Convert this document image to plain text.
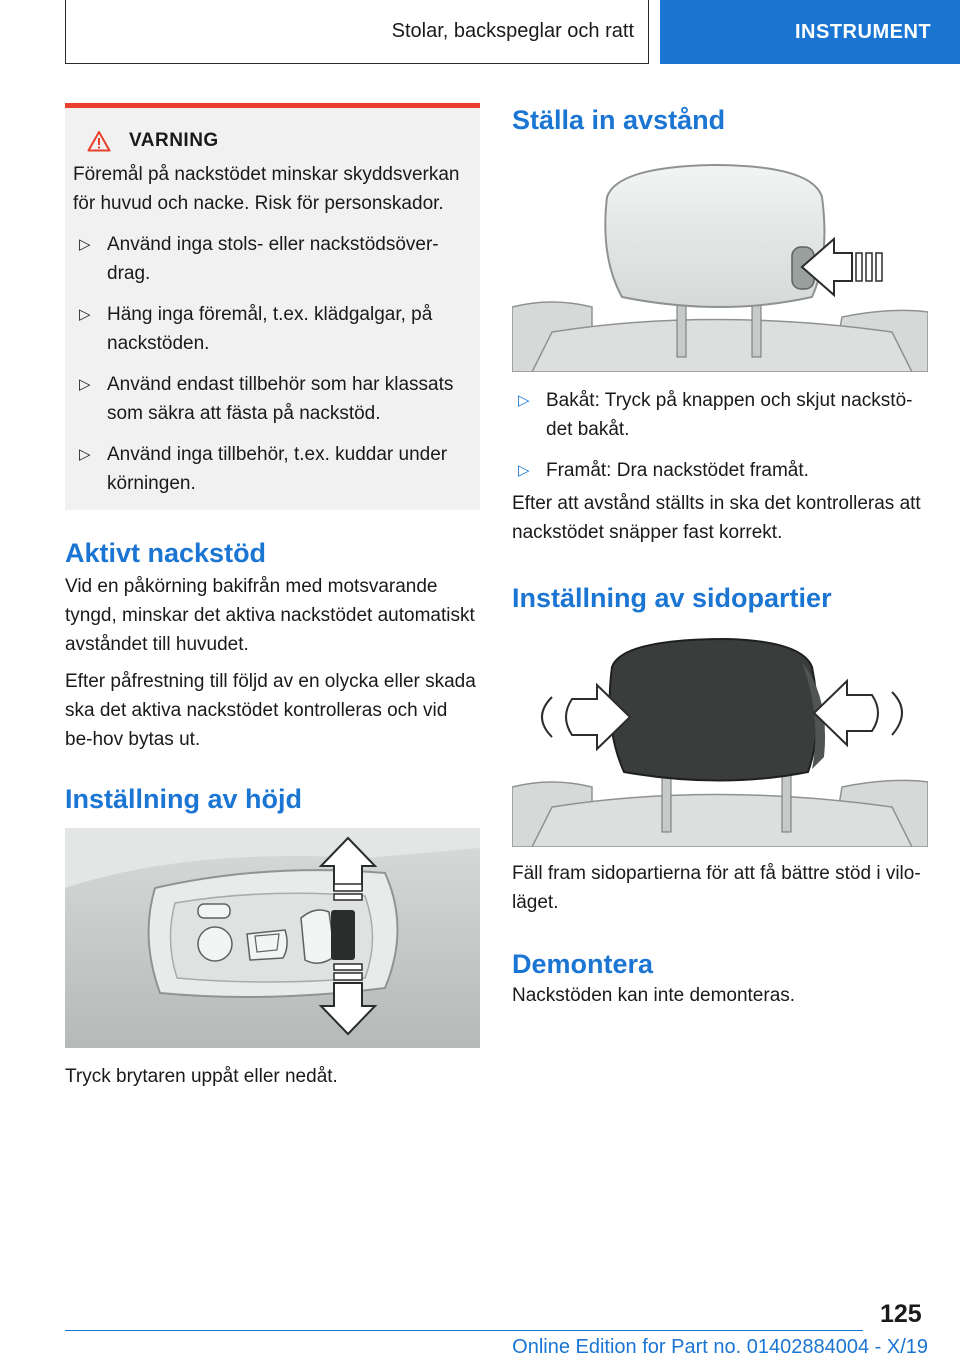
Stolar, backspeglar och ratt	INSTRUMENT
VARNING
Föremål på nackstödet minskar skyddsverkan för huvud och nacke. Risk för personskador.
▷ Använd inga stols- eller nackstödsöver-drag.
▷ Häng inga föremål, t.ex. klädgalgar, på nackstöden.
▷ Använd endast tillbehör som har klassats som säkra att fästa på nackstöd.
▷ Använd inga tillbehör, t.ex. kuddar under körningen.
Aktivt nackstöd
Vid en påkörning bakifrån med motsvarande tyngd, minskar det aktiva nackstödet automatiskt avståndet till huvudet.
Efter påfrestning till följd av en olycka eller skada ska det aktiva nackstödet kontrolleras och vid be-hov bytas ut.
Inställning av höjd
Tryck brytaren uppåt eller nedåt.
Ställa in avstånd
▷ Bakåt: Tryck på knappen och skjut nackstö-det bakåt.
▷ Framåt: Dra nackstödet framåt.
Efter att avstånd ställts in ska det kontrolleras att nackstödet snäpper fast korrekt.
Inställning av sidopartier
Fäll fram sidopartierna för att få bättre stöd i vilo-läget.
Demontera
Nackstöden kan inte demonteras.
125
Online Edition for Part no. 01402884004 - X/19
